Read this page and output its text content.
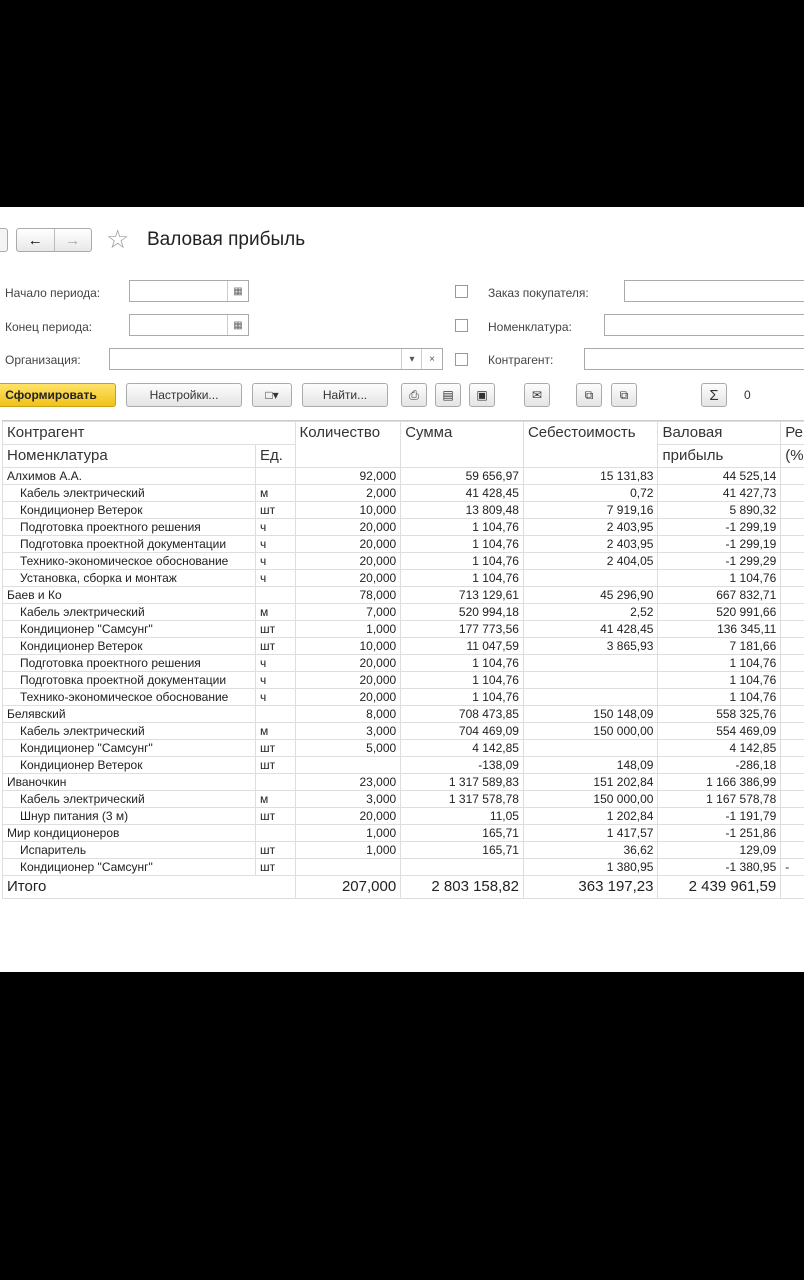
← → ☆ Валовая прибыль
Начало периода:	▦
Конец периода:	▦
Организация:	▾	×
Заказ покупателя:
Номенклатура:
Контрагент:
Сформировать	Настройки...	□▾	Найти...	⎙ ▤ ▣	✉	⧉ ⧉	Σ 0
Контрагент		Количество	Сумма	Себестоимость	Валовая	Ре
Номенклатура	Ед.				прибыль	(%
Алхимов А.А.		92,000	59 656,97	15 131,83	44 525,14	
Кабель электрический	м	2,000	41 428,45	0,72	41 427,73	
Кондиционер Ветерок	шт	10,000	13 809,48	7 919,16	5 890,32	
Подготовка проектного решения	ч	20,000	1 104,76	2 403,95	-1 299,19	
Подготовка проектной документации	ч	20,000	1 104,76	2 403,95	-1 299,19	
Технико-экономическое обоснование	ч	20,000	1 104,76	2 404,05	-1 299,29	
Установка, сборка и монтаж	ч	20,000	1 104,76		1 104,76	
Баев и Ко		78,000	713 129,61	45 296,90	667 832,71	
Кабель электрический	м	7,000	520 994,18	2,52	520 991,66	
Кондиционер "Самсунг"	шт	1,000	177 773,56	41 428,45	136 345,11	
Кондиционер Ветерок	шт	10,000	11 047,59	3 865,93	7 181,66	
Подготовка проектного решения	ч	20,000	1 104,76		1 104,76	
Подготовка проектной документации	ч	20,000	1 104,76		1 104,76	
Технико-экономическое обоснование	ч	20,000	1 104,76		1 104,76	
Белявский		8,000	708 473,85	150 148,09	558 325,76	
Кабель электрический	м	3,000	704 469,09	150 000,00	554 469,09	
Кондиционер "Самсунг"	шт	5,000	4 142,85		4 142,85	
Кондиционер Ветерок	шт		-138,09	148,09	-286,18	
Иваночкин		23,000	1 317 589,83	151 202,84	1 166 386,99	
Кабель электрический	м	3,000	1 317 578,78	150 000,00	1 167 578,78	
Шнур питания (3 м)	шт	20,000	11,05	1 202,84	-1 191,79	
Мир кондиционеров		1,000	165,71	1 417,57	-1 251,86	
Испаритель	шт	1,000	165,71	36,62	129,09	
Кондиционер "Самсунг"	шт			1 380,95	-1 380,95	-
Итого		207,000	2 803 158,82	363 197,23	2 439 961,59	
